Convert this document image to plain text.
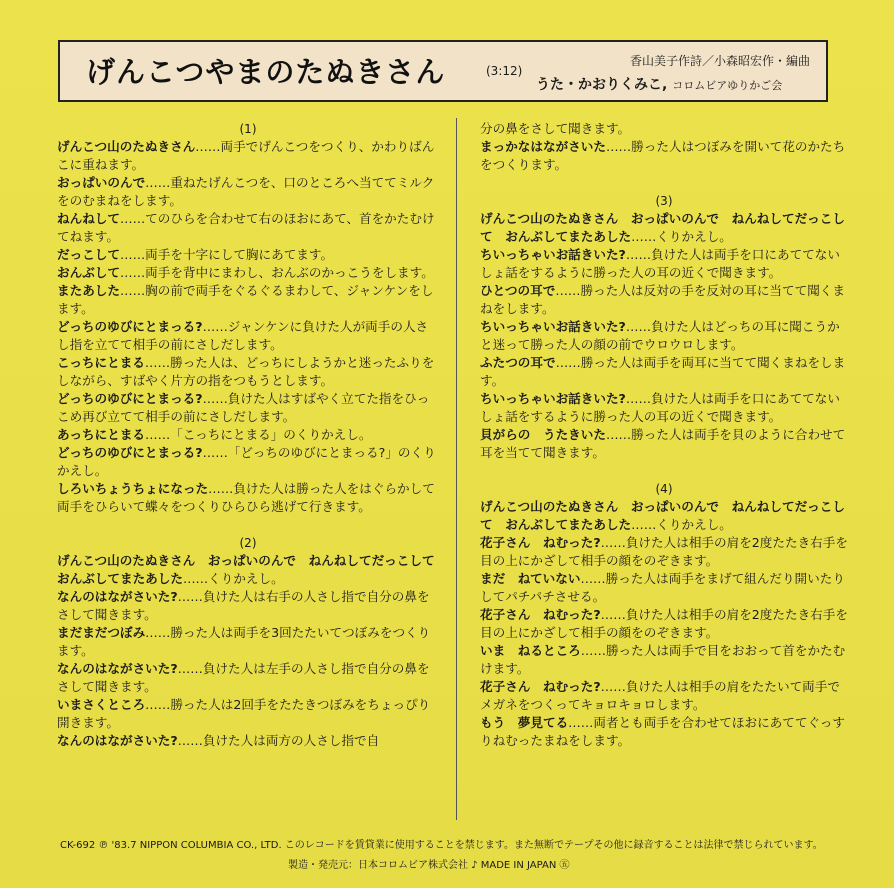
げんこつやまのたぬきさん	(3:12)
香山美子作詩／小森昭宏作・編曲
うた・かおりくみこ, コロムビアゆりかご会
(1)
げんこつ山のたぬきさん……両手でげんこつをつくり、かわりばんこに重ねます。
おっぱいのんで……重ねたげんこつを、口のところへ当ててミルクをのむまねをします。
ねんねして……てのひらを合わせて右のほおにあて、首をかたむけてねます。
だっこして……両手を十字にして胸にあてます。
おんぶして……両手を背中にまわし、おんぶのかっこうをします。
またあした……胸の前で両手をぐるぐるまわして、ジャンケンをします。
どっちのゆびにとまっる?……ジャンケンに負けた人が両手の人さし指を立てて相手の前にさしだします。
こっちにとまる……勝った人は、どっちにしようかと迷ったふりをしながら、すばやく片方の指をつもうとします。
どっちのゆびにとまっる?……負けた人はすばやく立てた指をひっこめ再び立てて相手の前にさしだします。
あっちにとまる……「こっちにとまる」のくりかえし。
どっちのゆびにとまっる?……「どっちのゆびにとまっる?」のくりかえし。
しろいちょうちょになった……負けた人は勝った人をはぐらかして両手をひらいて蝶々をつくりひらひら逃げて行きます。
(2)
げんこつ山のたぬきさん　おっぱいのんで　ねんねしてだっこして　おんぶしてまたあした……くりかえし。
なんのはながさいた?……負けた人は右手の人さし指で自分の鼻をさして聞きます。
まだまだつぼみ……勝った人は両手を3回たたいてつぼみをつくります。
なんのはながさいた?……負けた人は左手の人さし指で自分の鼻をさして聞きます。
いまさくところ……勝った人は2回手をたたきつぼみをちょっぴり開きます。
なんのはながさいた?……負けた人は両方の人さし指で自
分の鼻をさして聞きます。
まっかなはながさいた……勝った人はつぼみを開いて花のかたちをつくります。
(3)
げんこつ山のたぬきさん　おっぱいのんで　ねんねしてだっこして　おんぶしてまたあした……くりかえし。
ちいっちゃいお話きいた?……負けた人は両手を口にあててないしょ話をするように勝った人の耳の近くで聞きます。
ひとつの耳で……勝った人は反対の手を反対の耳に当てて聞くまねをします。
ちいっちゃいお話きいた?……負けた人はどっちの耳に聞こうかと迷って勝った人の顔の前でウロウロします。
ふたつの耳で……勝った人は両手を両耳に当てて聞くまねをします。
ちいっちゃいお話きいた?……負けた人は両手を口にあててないしょ話をするように勝った人の耳の近くで聞きます。
貝がらの　うたきいた……勝った人は両手を貝のように合わせて耳を当てて聞きます。
(4)
げんこつ山のたぬきさん　おっぱいのんで　ねんねしてだっこして　おんぶしてまたあした……くりかえし。
花子さん　ねむった?……負けた人は相手の肩を2度たたき右手を目の上にかざして相手の顔をのぞきます。
まだ　ねていない……勝った人は両手をまげて組んだり開いたりしてパチパチさせる。
花子さん　ねむった?……負けた人は相手の肩を2度たたき右手を目の上にかざして相手の顔をのぞきます。
いま　ねるところ……勝った人は両手で目をおおって首をかたむけます。
花子さん　ねむった?……負けた人は相手の肩をたたいて両手でメガネをつくってキョロキョロします。
もう　夢見てる……両者とも両手を合わせてほおにあててぐっすりねむったまねをします。
CK-692 ℗ '83.7 NIPPON COLUMBIA CO., LTD. このレコードを賃貸業に使用することを禁じます。また無断でテープその他に録音することは法律で禁じられています。
製造・発売元：日本コロムビア株式会社 ♪ MADE IN JAPAN ㊄
